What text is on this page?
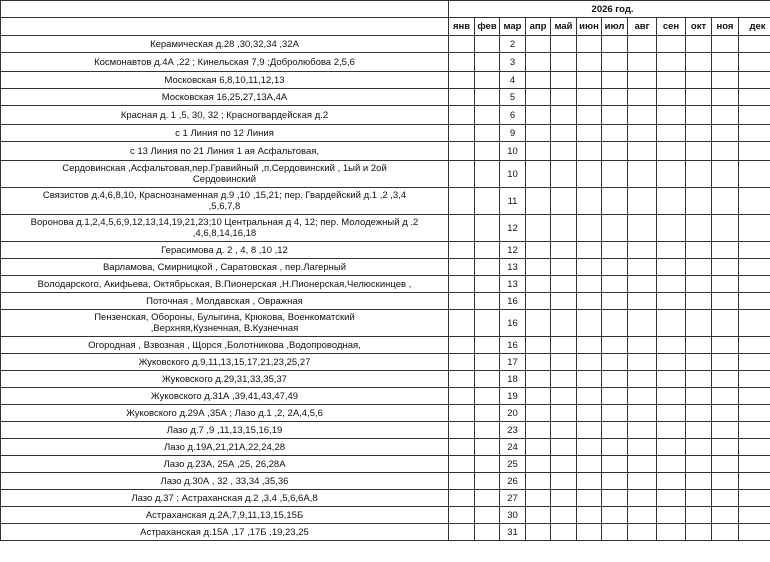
	2026 год.											
	янв	фев	мар	апр	май	июн	июл	авг	сен	окт	ноя	дек
Керамическая д.28 ,30,32,34 ,32А			2									
Космонавтов д.4А ,22 ; Кинельская 7,9 ;Добролюбова 2,5,6			3									
Московская 6,8,10,11,12,13			4									
Московская 16,25,27,13А,4А			5									
Красная д. 1 ,5, 30, 32 ; Красногвардейская д.2			6									
с 1 Линия по 12 Линия			9									
с 13 Линия по 21 Линия 1 ая Асфальтовая,			10									
Сердовинская ,Асфальтовая,пер.Гравийный ,п.Сердовинский , 1ый и 2ой
Сердовинский			10									
Связистов д.4,6,8,10, Краснознаменная д.9 ,10 ,15,21; пер. Гвардейский д.1 ,2 ,3,4
,5,6,7,8			11									
Воронова д.1,2,4,5,6,9,12,13,14,19,21,23;10 Центральная д 4, 12; пер. Молодежный д .2
,4,6,8,14,16,18			12									
Герасимова д. 2 , 4, 8 ,10 ,12			12									
Варламова, Смирницкой , Саратовская , пер.Лагерный			13									
Володарского, Акифьева, Октябрьская, В.Пионерская ,Н.Пионерская,Челюскинцев ,			13									
Поточная , Молдавская , Овражная			16									
Пензенская, Обороны, Булыгина, Крюкова, Военкоматский
,Верхняя,Кузнечная, В.Кузнечная			16									
Огородная , Взвозная , Щорся ,Болотникова ,Водопроводная,			16									
Жуковского д.9,11,13,15,17,21,23,25,27			17									
Жуковского д.29,31,33,35,37			18									
Жуковского д.31А ,39,41,43,47,49			19									
Жуковского д.29А ,35А ; Лазо д.1 ,2, 2А,4,5,6			20									
Лазо д.7 ,9 ,11,13,15,16,19			23									
Лазо д.19А,21,21А,22,24,28			24									
Лазо д.23А, 25А ,25, 26,28А			25									
Лазо д.30А , 32 , 33,34 ,35,36			26									
Лазо д.37 ; Астраханская д.2 ,3,4 ,5,6,6А,8			27									
Астраханская д.2А,7,9,11,13,15,15Б			30									
Астраханская д.15А ,17 ,17Б ,19,23,25			31									
